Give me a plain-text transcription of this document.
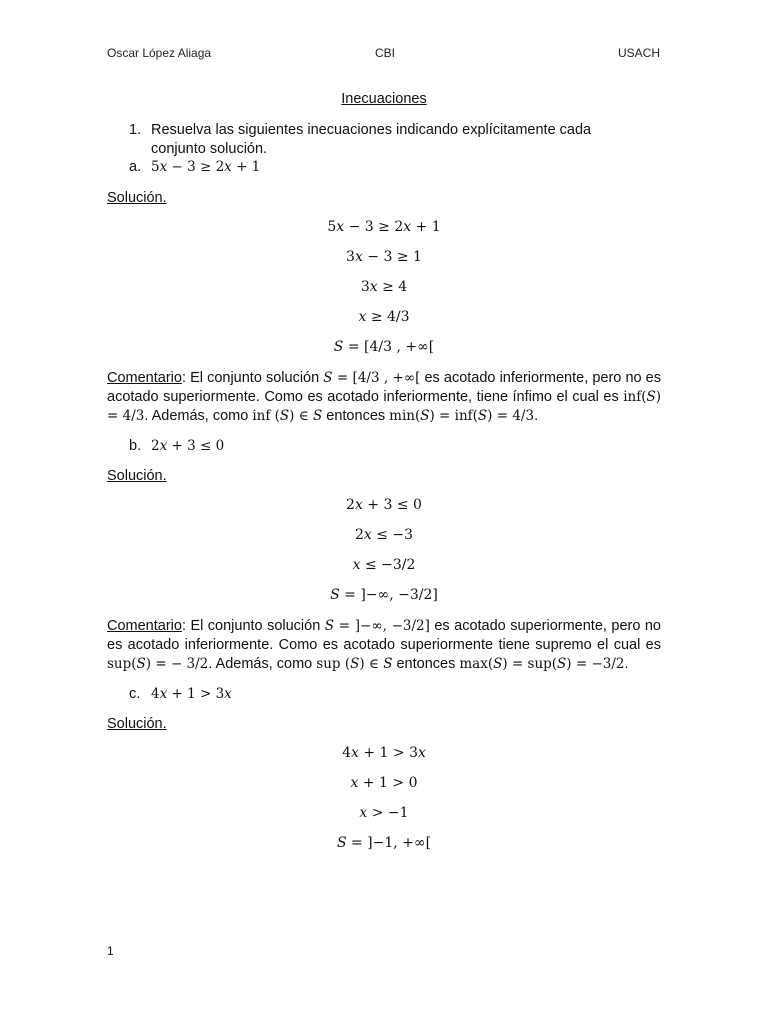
Oscar López Aliaga	CBI	USACH
Inecuaciones
1. Resuelva las siguientes inecuaciones indicando explícitamente cada
conjunto solución.
a. 5𝑥 − 3 ≥ 2𝑥 + 1
Solución.
5𝑥 − 3 ≥ 2𝑥 + 1
3𝑥 − 3 ≥ 1
3𝑥 ≥ 4
𝑥 ≥ 4/3
𝑆 = [4/3 , +∞[
Comentario: El conjunto solución 𝑆 = [4/3 , +∞[ es acotado inferiormente, pero no es acotado superiormente. Como es acotado inferiormente, tiene ínfimo el cual es inf(𝑆) = 4/3. Además, como inf (𝑆) ∈ 𝑆 entonces min(𝑆) = inf(𝑆) = 4/3.
b. 2𝑥 + 3 ≤ 0
Solución.
2𝑥 + 3 ≤ 0
2𝑥 ≤ −3
𝑥 ≤ −3/2
𝑆 = ]−∞, −3/2]
Comentario: El conjunto solución 𝑆 = ]−∞, −3/2] es acotado superiormente, pero no es acotado inferiormente. Como es acotado superiormente tiene supremo el cual es sup(𝑆) = − 3/2. Además, como sup (𝑆) ∈ 𝑆 entonces max(𝑆) = sup(𝑆) = −3/2.
c. 4𝑥 + 1 > 3𝑥
Solución.
4𝑥 + 1 > 3𝑥
𝑥 + 1 > 0
𝑥 > −1
𝑆 = ]−1, +∞[
1
